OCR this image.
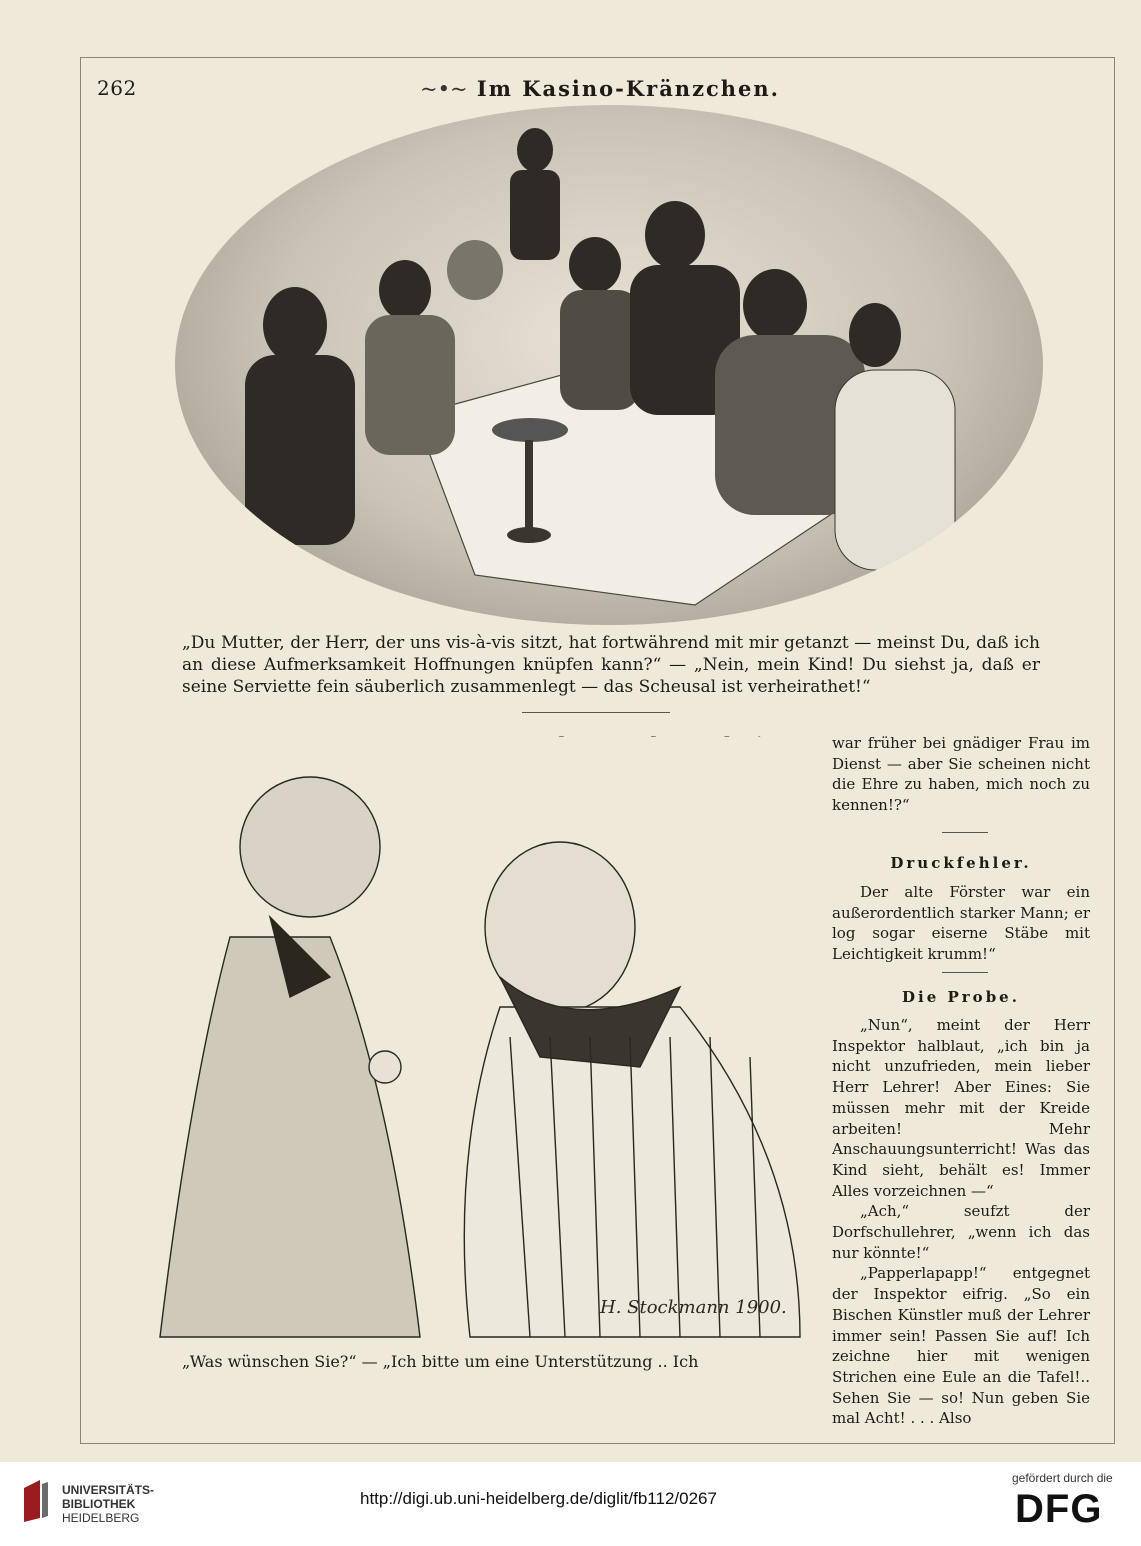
262	~•~ Im Kasino-Kränzchen.
A.Hengeler
1900
„Du Mutter, der Herr, der uns vis-à-vis sitzt, hat fortwährend mit mir getanzt — meinst Du, daß ich an diese Aufmerksamkeit Hoffnungen knüpfen kann?“ — „Nein, mein Kind! Du siehst ja, daß er seine Serviette fein säuberlich zusammenlegt — das Scheusal ist verheirathet!“
H. Stockmann 1900.
„Was wünschen Sie?“ — „Ich bitte um eine Unterstützung .. Ich

war früher bei gnädiger Frau im Dienst — aber Sie scheinen nicht die Ehre zu haben, mich noch zu kennen!?“

Druckfehler.

Der alte Förster war ein außerordentlich starker Mann; er log sogar eiserne Stäbe mit Leichtigkeit krumm!“

Die Probe.

„Nun“, meint der Herr Inspektor halblaut, „ich bin ja nicht unzufrieden, mein lieber Herr Lehrer! Aber Eines: Sie müssen mehr mit der Kreide arbeiten! Mehr Anschauungsunterricht! Was das Kind sieht, behält es! Immer Alles vorzeichnen —“

„Ach,“ seufzt der Dorfschullehrer, „wenn ich das nur könnte!“

„Papperlapapp!“ entgegnet der Inspektor eifrig. „So ein Bischen Künstler muß der Lehrer immer sein! Passen Sie auf! Ich zeichne hier mit wenigen Strichen eine Eule an die Tafel!.. Sehen Sie — so! Nun geben Sie mal Acht! . . . Also

UNIVERSITÄTS-
BIBLIOTHEK
HEIDELBERG
http://digi.ub.uni-heidelberg.de/diglit/fb112/0267
gefördert durch die
DFG
